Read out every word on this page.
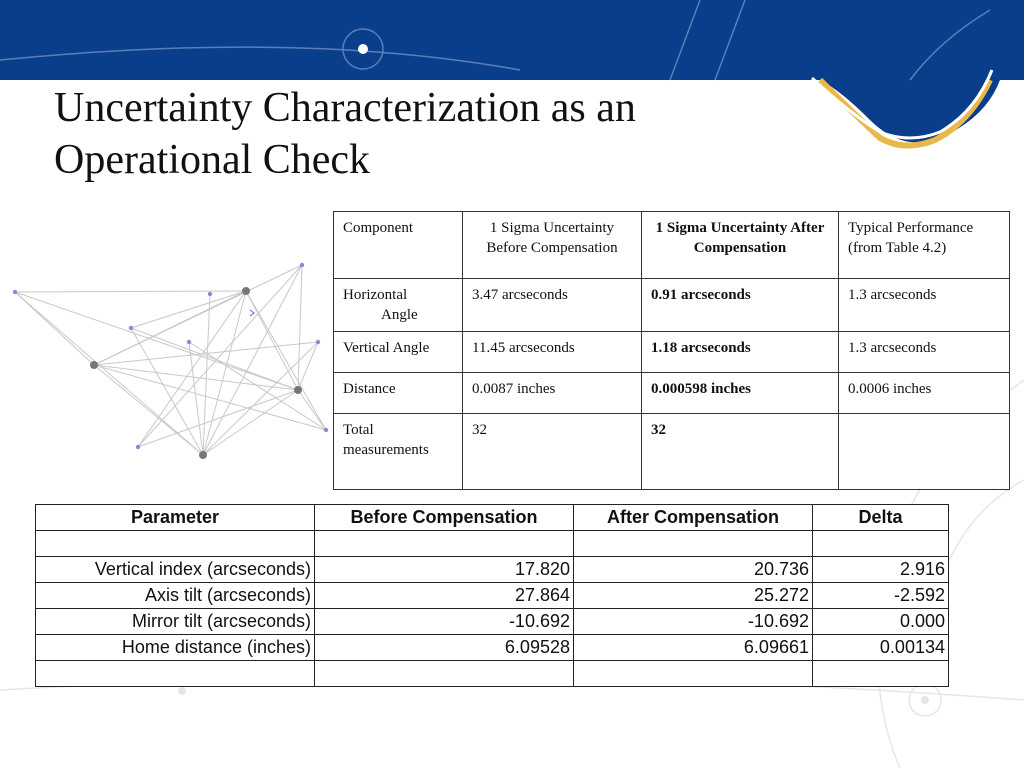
Uncertainty Characterization as an
Operational Check
Component	1 Sigma Uncertainty Before Compensation	1 Sigma Uncertainty After Compensation	Typical Performance (from Table 4.2)
Horizontal
Angle	3.47 arcseconds	0.91 arcseconds	1.3 arcseconds
Vertical Angle	11.45 arcseconds	1.18 arcseconds	1.3 arcseconds
Distance	0.0087 inches	0.000598 inches	0.0006 inches
Total measurements	32	32	
Parameter	Before Compensation	After Compensation	Delta

Vertical index (arcseconds)	17.820	20.736	2.916
Axis tilt (arcseconds)	27.864	25.272	-2.592
Mirror tilt (arcseconds)	-10.692	-10.692	0.000
Home distance (inches)	6.09528	6.09661	0.00134
